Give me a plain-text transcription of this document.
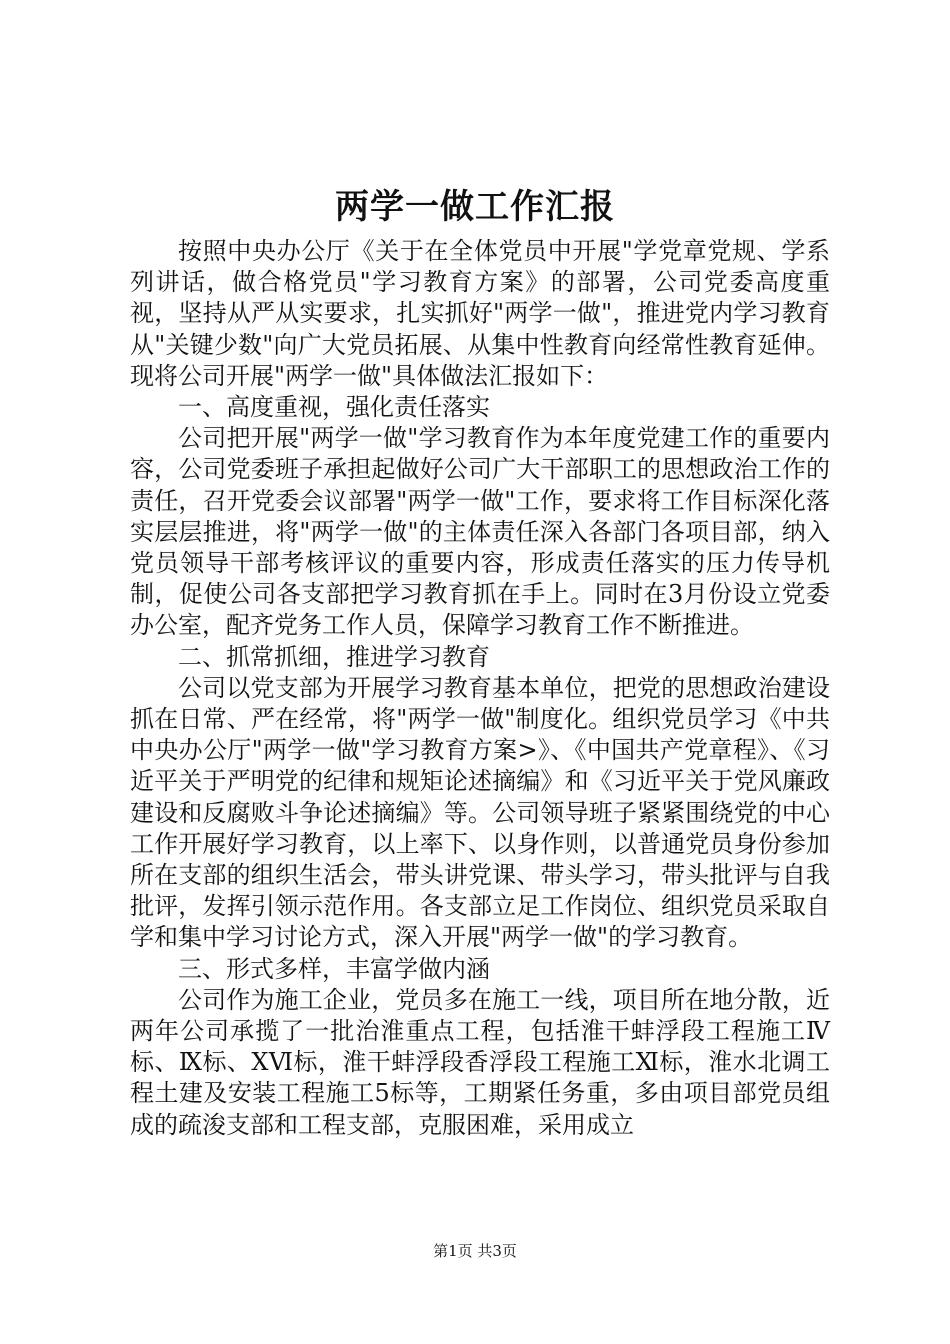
两学一做工作汇报

按照中央办公厅《关于在全体党员中开展"学党章党规、学系列讲话，做合格党员"学习教育方案》的部署，公司党委高度重视，坚持从严从实要求，扎实抓好"两学一做"，推进党内学习教育从"关键少数"向广大党员拓展、从集中性教育向经常性教育延伸。现将公司开展"两学一做"具体做法汇报如下：

一、高度重视，强化责任落实

公司把开展"两学一做"学习教育作为本年度党建工作的重要内容，公司党委班子承担起做好公司广大干部职工的思想政治工作的责任，召开党委会议部署"两学一做"工作，要求将工作目标深化落实层层推进，将"两学一做"的主体责任深入各部门各项目部，纳入党员领导干部考核评议的重要内容，形成责任落实的压力传导机制，促使公司各支部把学习教育抓在手上。同时在3月份设立党委办公室，配齐党务工作人员，保障学习教育工作不断推进。

二、抓常抓细，推进学习教育

公司以党支部为开展学习教育基本单位，把党的思想政治建设抓在日常、严在经常，将"两学一做"制度化。组织党员学习《中共中央办公厅"两学一做"学习教育方案>》、《中国共产党章程》、《习近平关于严明党的纪律和规矩论述摘编》和《习近平关于党风廉政建设和反腐败斗争论述摘编》等。公司领导班子紧紧围绕党的中心工作开展好学习教育，以上率下、以身作则，以普通党员身份参加所在支部的组织生活会，带头讲党课、带头学习，带头批评与自我批评，发挥引领示范作用。各支部立足工作岗位、组织党员采取自学和集中学习讨论方式，深入开展"两学一做"的学习教育。

三、形式多样，丰富学做内涵

公司作为施工企业，党员多在施工一线，项目所在地分散，近两年公司承揽了一批治淮重点工程，包括淮干蚌浮段工程施工Ⅳ标、Ⅸ标、ⅩⅥ标，淮干蚌浮段香浮段工程施工Ⅺ标，淮水北调工程土建及安装工程施工5标等，工期紧任务重，多由项目部党员组成的疏浚支部和工程支部，克服困难，采用成立

第1页 共3页
